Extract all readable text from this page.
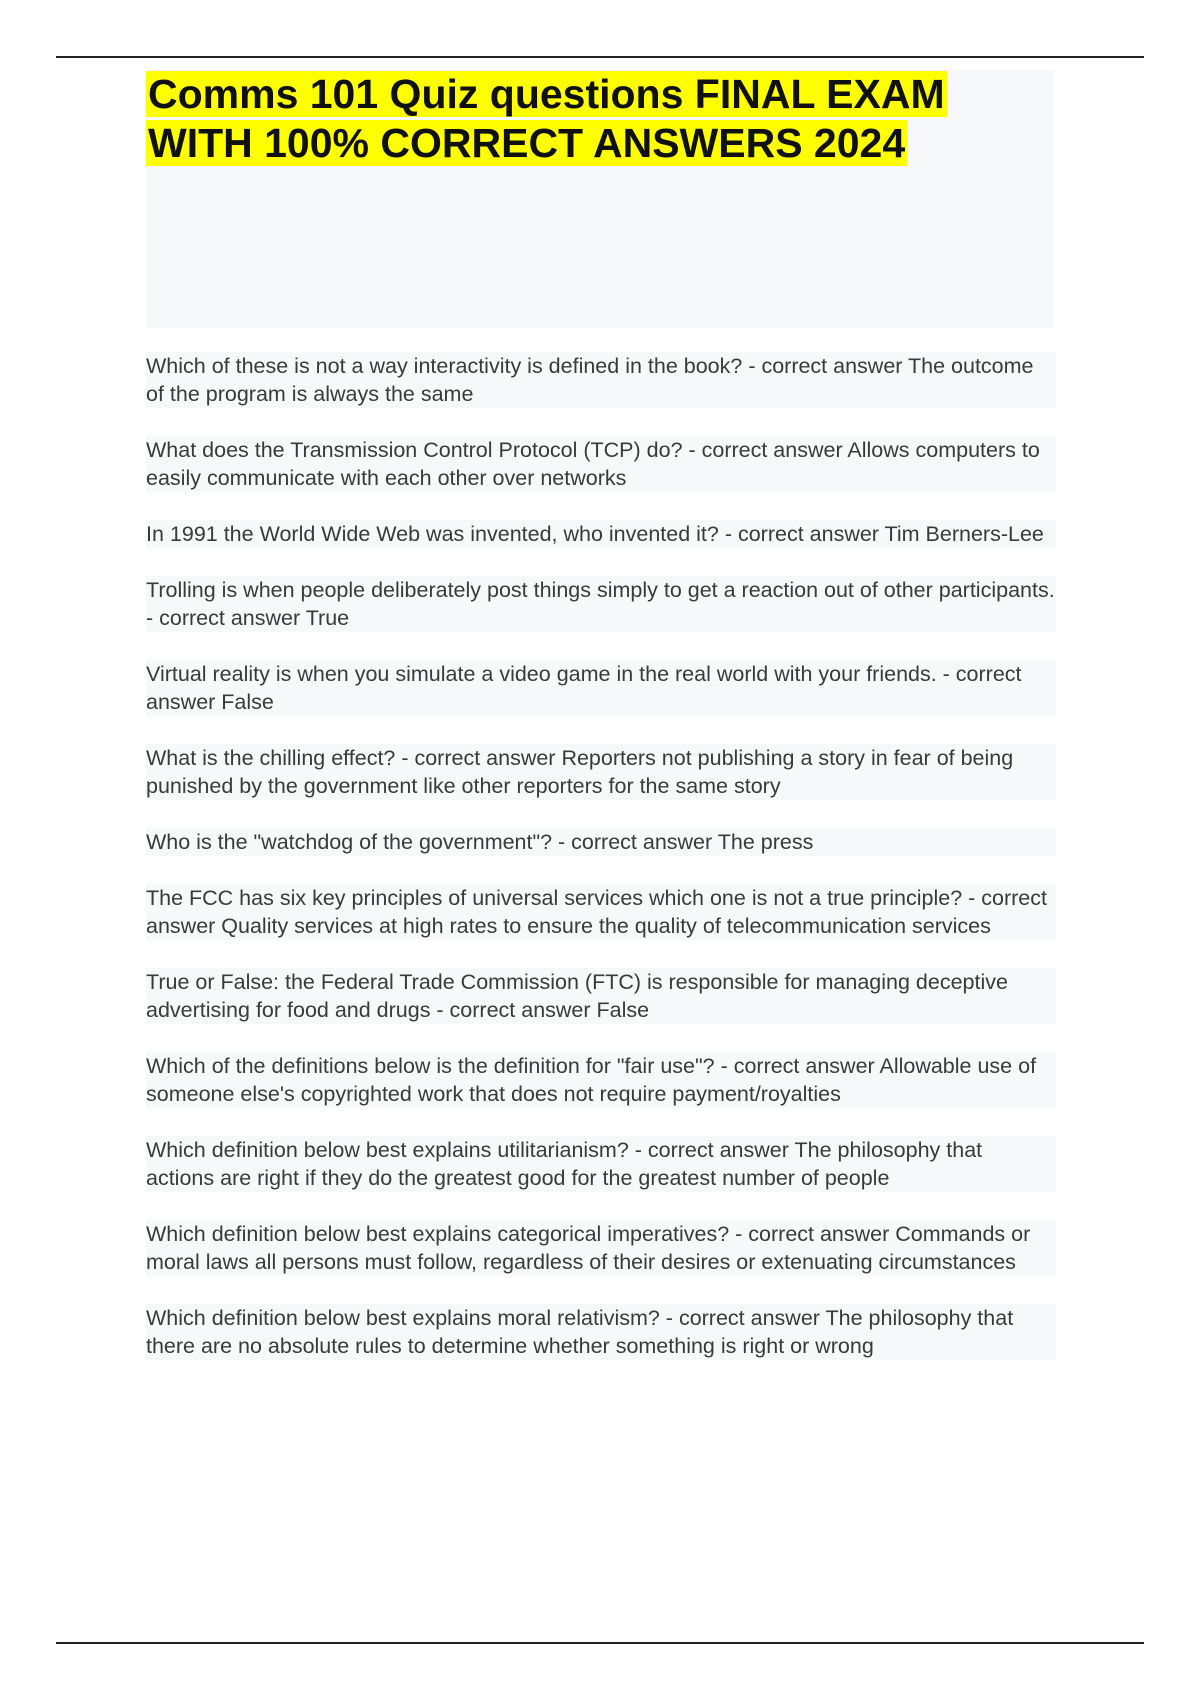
Comms 101 Quiz questions FINAL EXAM WITH 100% CORRECT ANSWERS 2024

Which of these is not a way interactivity is defined in the book? - correct answer The outcome of the program is always the same

What does the Transmission Control Protocol (TCP) do? - correct answer Allows computers to easily communicate with each other over networks

In 1991 the World Wide Web was invented, who invented it? - correct answer Tim Berners-Lee

Trolling is when people deliberately post things simply to get a reaction out of other participants. - correct answer True

Virtual reality is when you simulate a video game in the real world with your friends. - correct answer False

What is the chilling effect? - correct answer Reporters not publishing a story in fear of being punished by the government like other reporters for the same story

Who is the "watchdog of the government"? - correct answer The press

The FCC has six key principles of universal services which one is not a true principle? - correct answer Quality services at high rates to ensure the quality of telecommunication services

True or False: the Federal Trade Commission (FTC) is responsible for managing deceptive advertising for food and drugs - correct answer False

Which of the definitions below is the definition for "fair use"? - correct answer Allowable use of someone else's copyrighted work that does not require payment/royalties

Which definition below best explains utilitarianism? - correct answer The philosophy that actions are right if they do the greatest good for the greatest number of people

Which definition below best explains categorical imperatives? - correct answer Commands or moral laws all persons must follow, regardless of their desires or extenuating circumstances

Which definition below best explains moral relativism? - correct answer The philosophy that there are no absolute rules to determine whether something is right or wrong
